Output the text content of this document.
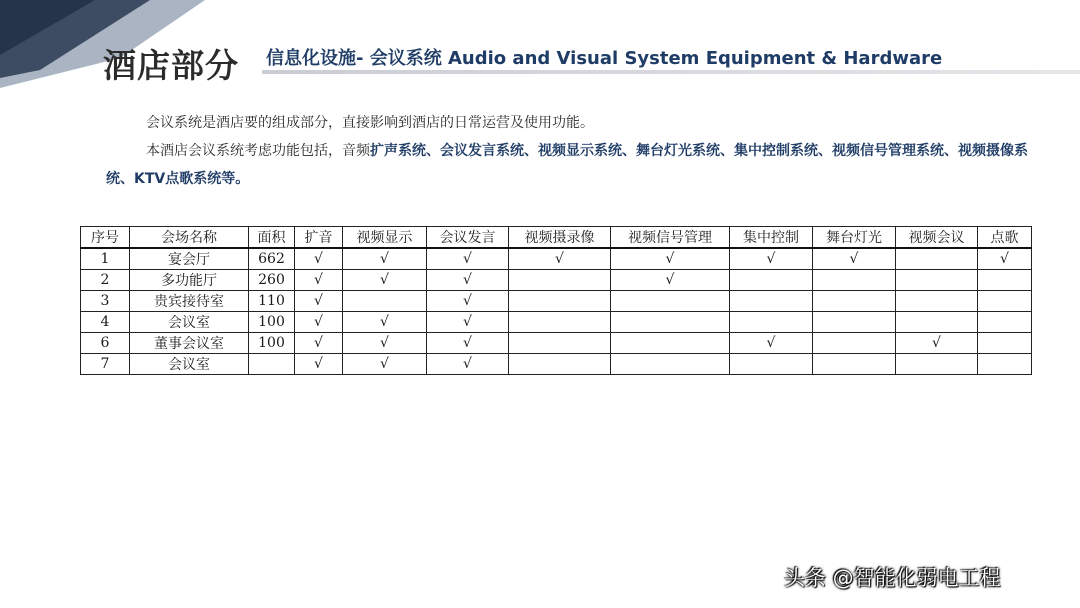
酒店部分 信息化设施- 会议系统 Audio and Visual System Equipment & Hardware

会议系统是酒店要的组成部分，直接影响到酒店的日常运营及使用功能。

本酒店会议系统考虑功能包括，音频扩声系统、会议发言系统、视频显示系统、舞台灯光系统、集中控制系统、视频信号管理系统、视频摄像系统、KTV点歌系统等。

序号	会场名称	面积	扩音	视频显示	会议发言	视频摄录像	视频信号管理	集中控制	舞台灯光	视频会议	点歌
1	宴会厅	662	√	√	√	√	√	√	√		√
2	多功能厅	260	√	√	√		√				
3	贵宾接待室	110	√		√						
4	会议室	100	√	√	√						
6	董事会议室	100	√	√	√			√		√	
7	会议室		√	√	√						
头条 @智能化弱电工程
